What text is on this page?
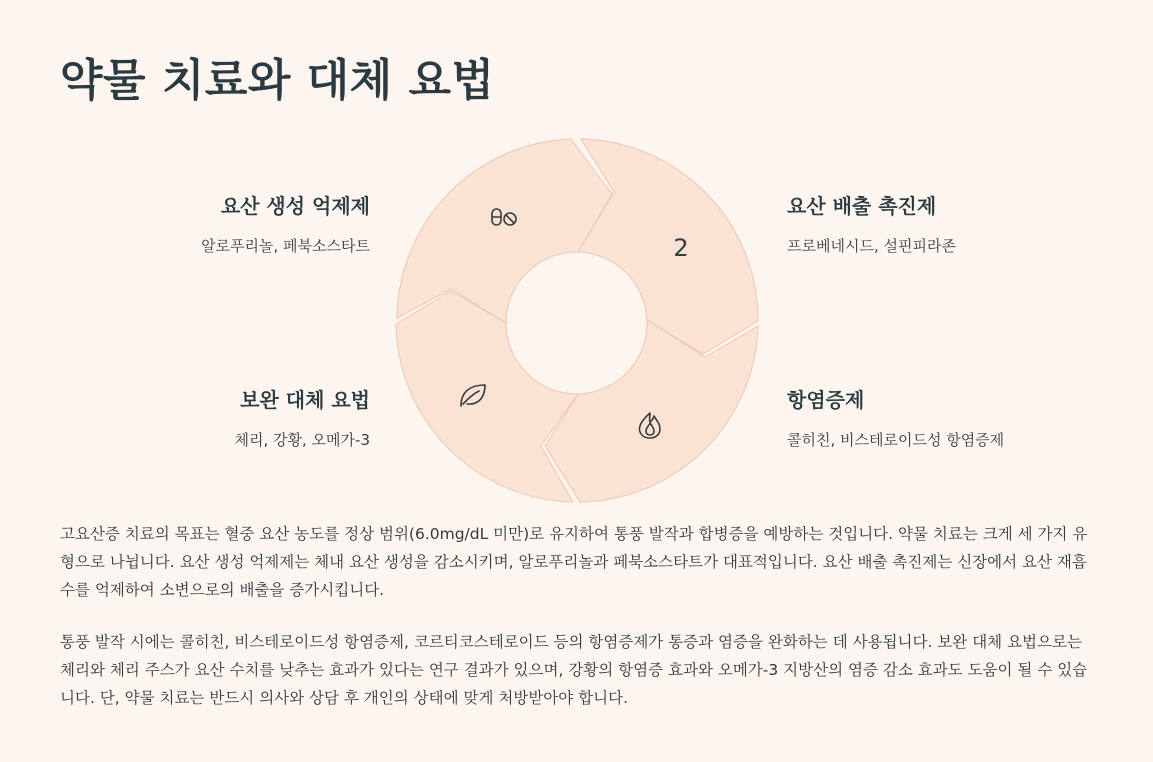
약물 치료와 대체 요법
2

요산 생성 억제제

알로푸리놀, 페북소스타트

요산 배출 촉진제

프로베네시드, 설핀피라존

보완 대체 요법

체리, 강황, 오메가-3

항염증제

콜히친, 비스테로이드성 항염증제

고요산증 치료의 목표는 혈중 요산 농도를 정상 범위(6.0mg/dL 미만)로 유지하여 통풍 발작과 합병증을 예방하는 것입니다. 약물 치료는 크게 세 가지 유형으로 나뉩니다. 요산 생성 억제제는 체내 요산 생성을 감소시키며, 알로푸리놀과 페북소스타트가 대표적입니다. 요산 배출 촉진제는 신장에서 요산 재흡수를 억제하여 소변으로의 배출을 증가시킵니다.

통풍 발작 시에는 콜히친, 비스테로이드성 항염증제, 코르티코스테로이드 등의 항염증제가 통증과 염증을 완화하는 데 사용됩니다. 보완 대체 요법으로는 체리와 체리 주스가 요산 수치를 낮추는 효과가 있다는 연구 결과가 있으며, 강황의 항염증 효과와 오메가-3 지방산의 염증 감소 효과도 도움이 될 수 있습니다. 단, 약물 치료는 반드시 의사와 상담 후 개인의 상태에 맞게 처방받아야 합니다.
